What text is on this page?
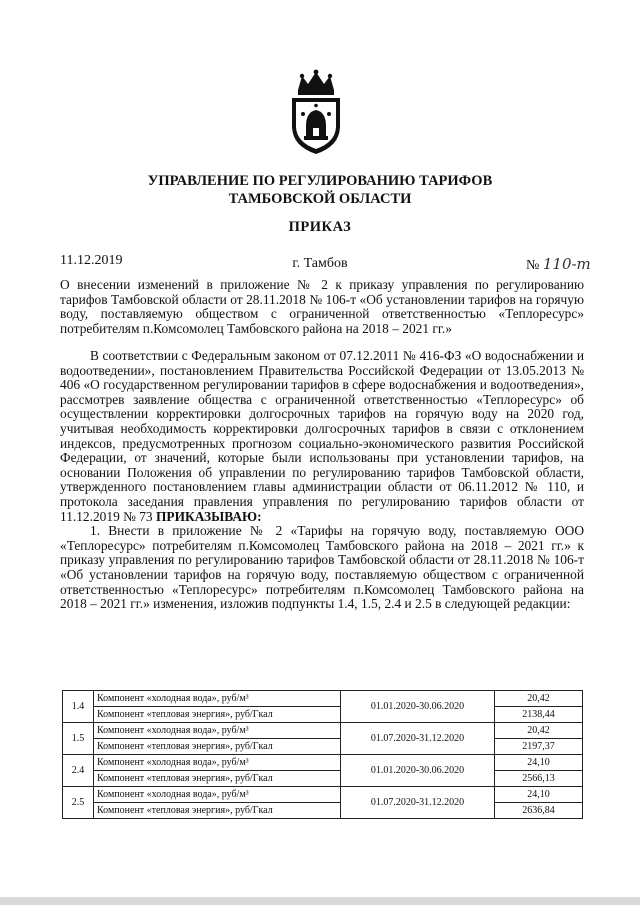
УПРАВЛЕНИЕ ПО РЕГУЛИРОВАНИЮ ТАРИФОВ
ТАМБОВСКОЙ ОБЛАСТИ
ПРИКАЗ
11.12.2019	г. Тамбов	№ 110-т
О внесении изменений в приложение № 2 к приказу управления по регулированию тарифов Тамбовской области от 28.11.2018 № 106-т «Об установлении тарифов на горячую воду, поставляемую обществом с ограниченной ответственностью «Теплоресурс» потребителям п.Комсомолец Тамбовского района на 2018 – 2021 гг.»

В соответствии с Федеральным законом от 07.12.2011 № 416-ФЗ «О водоснабжении и водоотведении», постановлением Правительства Российской Федерации от 13.05.2013 № 406 «О государственном регулировании тарифов в сфере водоснабжения и водоотведения», рассмотрев заявление общества с ограниченной ответственностью «Теплоресурс» об осуществлении корректировки долгосрочных тарифов на горячую воду на 2020 год, учитывая необходимость корректировки долгосрочных тарифов в связи с отклонением индексов, предусмотренных прогнозом социально-экономического развития Российской Федерации, от значений, которые были использованы при установлении тарифов, на основании Положения об управлении по регулированию тарифов Тамбовской области, утвержденного постановлением главы администрации области от 06.11.2012 № 110, и протокола заседания правления управления по регулированию тарифов области от 11.12.2019 № 73 ПРИКАЗЫВАЮ:

1. Внести в приложение № 2 «Тарифы на горячую воду, поставляемую ООО «Теплоресурс» потребителям п.Комсомолец Тамбовского района на 2018 – 2021 гг.» к приказу управления по регулированию тарифов Тамбовской области от 28.11.2018 № 106-т «Об установлении тарифов на горячую воду, поставляемую обществом с ограниченной ответственностью «Теплоресурс» потребителям п.Комсомолец Тамбовского района на 2018 – 2021 гг.» изменения, изложив подпункты 1.4, 1.5, 2.4 и 2.5 в следующей редакции:

1.4	Компонент «холодная вода», руб/м³	01.01.2020-30.06.2020	20,42
	Компонент «тепловая энергия», руб/Гкал		2138,44
1.5	Компонент «холодная вода», руб/м³	01.07.2020-31.12.2020	20,42
	Компонент «тепловая энергия», руб/Гкал		2197,37
2.4	Компонент «холодная вода», руб/м³	01.01.2020-30.06.2020	24,10
	Компонент «тепловая энергия», руб/Гкал		2566,13
2.5	Компонент «холодная вода», руб/м³	01.07.2020-31.12.2020	24,10
	Компонент «тепловая энергия», руб/Гкал		2636,84
